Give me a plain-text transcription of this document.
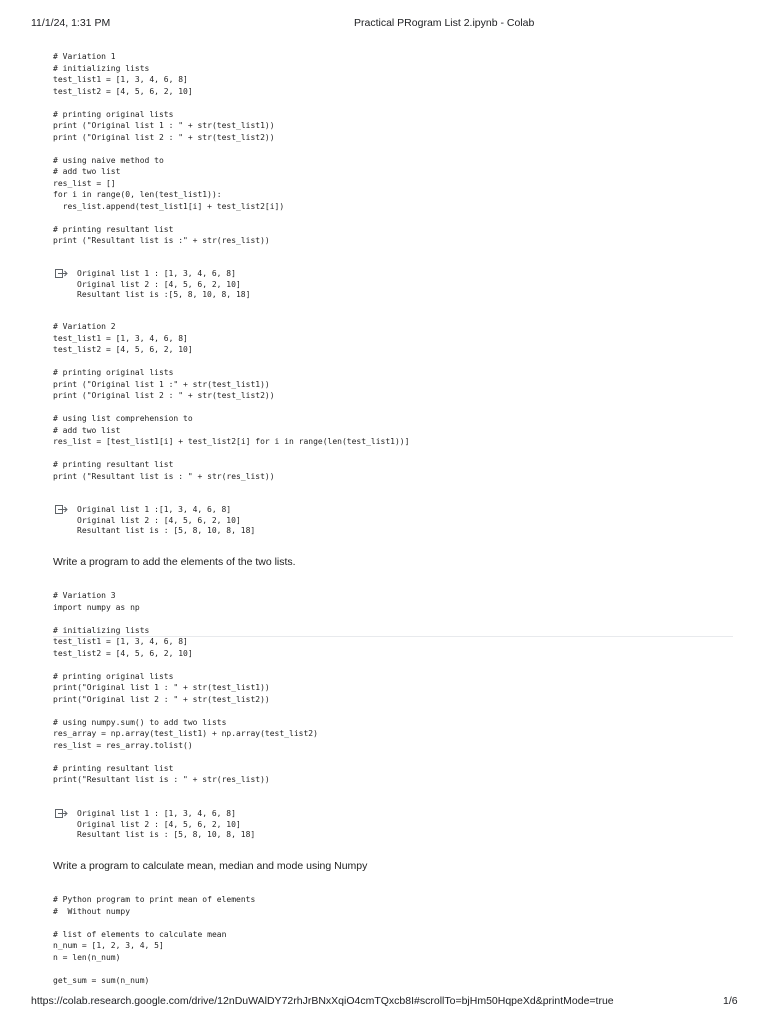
11/1/24, 1:31 PM	Practical PRogram List 2.ipynb - Colab
# Variation 1
# initializing lists
test_list1 = [1, 3, 4, 6, 8]
test_list2 = [4, 5, 6, 2, 10]
# printing original lists
print ("Original list 1 : " + str(test_list1))
print ("Original list 2 : " + str(test_list2))
# using naive method to
# add two list
res_list = []
for i in range(0, len(test_list1)):
res_list.append(test_list1[i] + test_list2[i])
# printing resultant list
print ("Resultant list is :" + str(res_list))
Original list 1 : [1, 3, 4, 6, 8]
Original list 2 : [4, 5, 6, 2, 10]
Resultant list is :[5, 8, 10, 8, 18]
# Variation 2
test_list1 = [1, 3, 4, 6, 8]
test_list2 = [4, 5, 6, 2, 10]
# printing original lists
print ("Original list 1 :" + str(test_list1))
print ("Original list 2 : " + str(test_list2))
# using list comprehension to
# add two list
res_list = [test_list1[i] + test_list2[i] for i in range(len(test_list1))]
# printing resultant list
print ("Resultant list is : " + str(res_list))
Original list 1 :[1, 3, 4, 6, 8]
Original list 2 : [4, 5, 6, 2, 10]
Resultant list is : [5, 8, 10, 8, 18]
Write a program to add the elements of the two lists.
# Variation 3
import numpy as np
# initializing lists
test_list1 = [1, 3, 4, 6, 8]
test_list2 = [4, 5, 6, 2, 10]
# printing original lists
print("Original list 1 : " + str(test_list1))
print("Original list 2 : " + str(test_list2))
# using numpy.sum() to add two lists
res_array = np.array(test_list1) + np.array(test_list2)
res_list = res_array.tolist()
# printing resultant list
print("Resultant list is : " + str(res_list))
Original list 1 : [1, 3, 4, 6, 8]
Original list 2 : [4, 5, 6, 2, 10]
Resultant list is : [5, 8, 10, 8, 18]
Write a program to calculate mean, median and mode using Numpy
# Python program to print mean of elements
#  Without numpy
# list of elements to calculate mean
n_num = [1, 2, 3, 4, 5]
n = len(n_num)
get_sum = sum(n_num)
https://colab.research.google.com/drive/12nDuWAlDY72rhJrBNxXqiO4cmTQxcb8I#scrollTo=bjHm50HqpeXd&printMode=true	1/6
